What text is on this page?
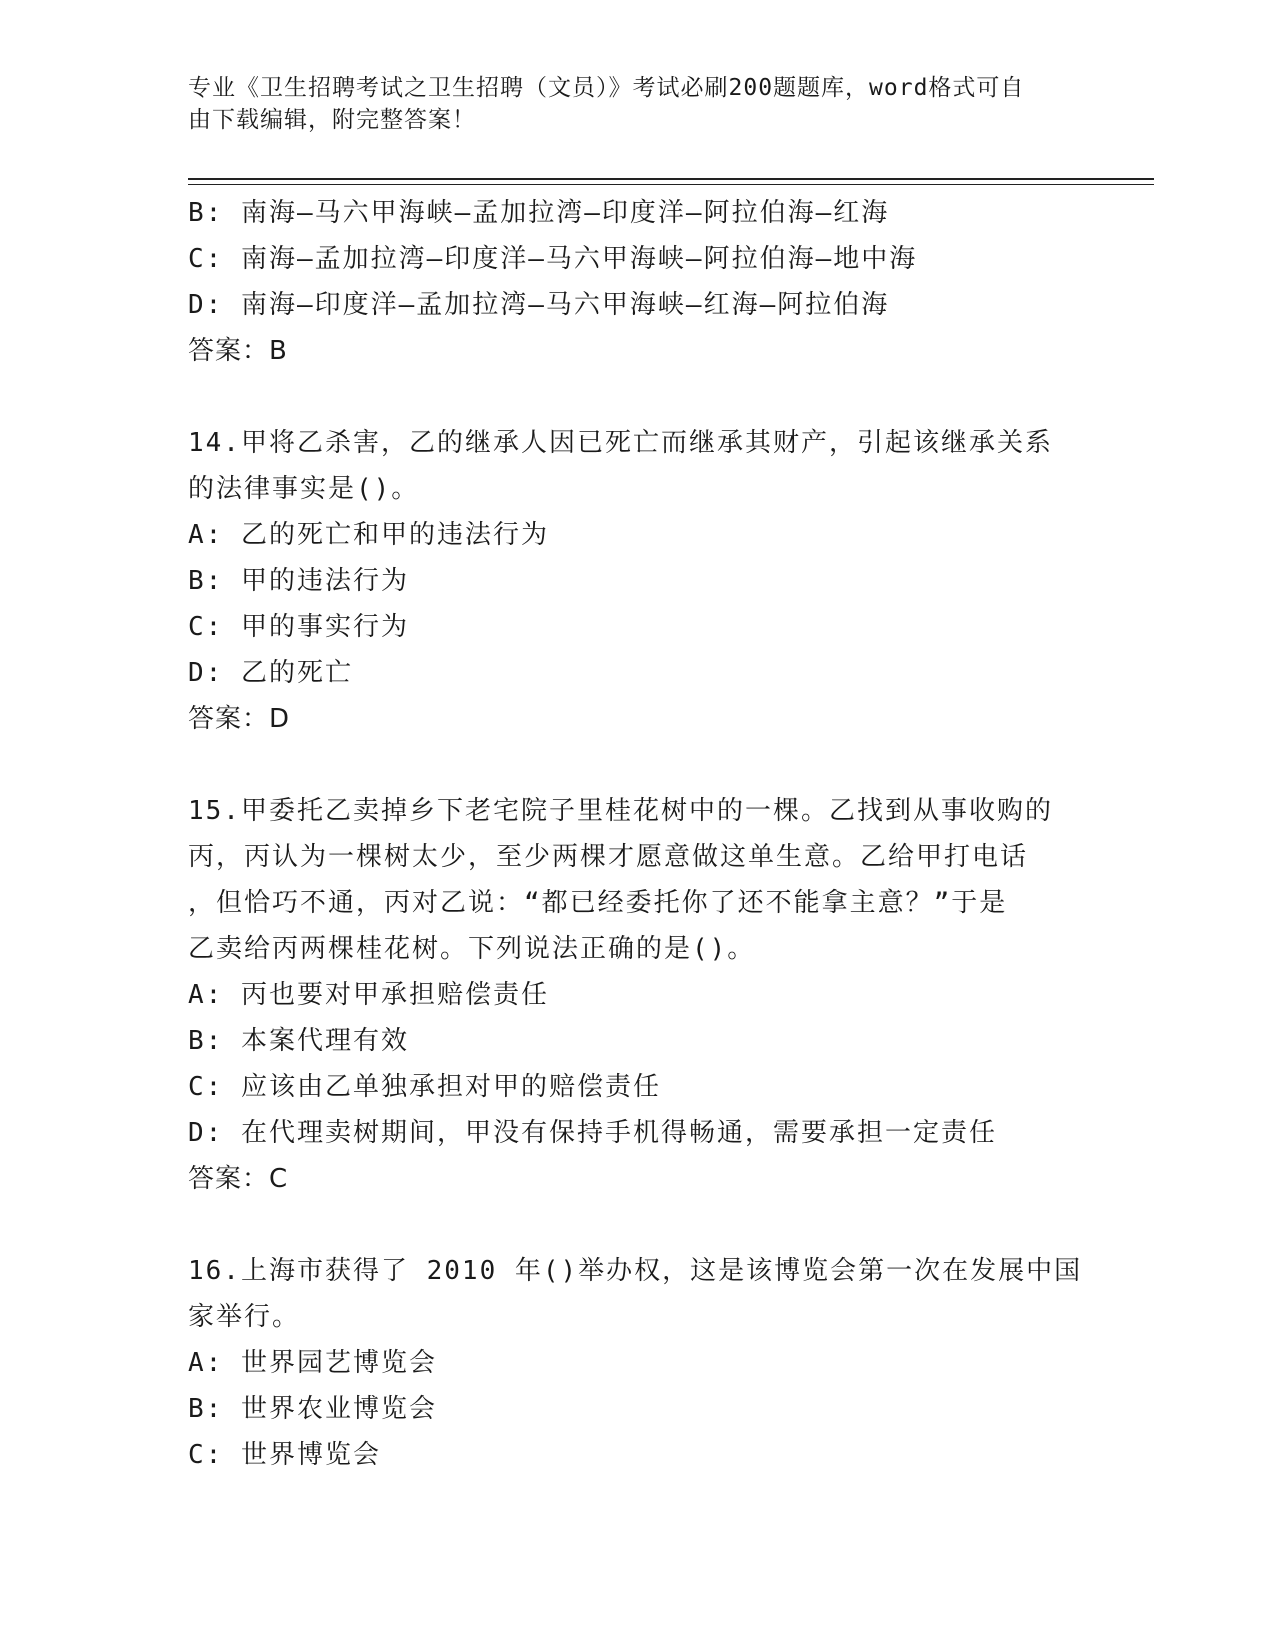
专业《卫生招聘考试之卫生招聘（文员）》考试必刷200题题库，word格式可自
由下载编辑，附完整答案！
B: 南海—马六甲海峡—孟加拉湾—印度洋—阿拉伯海—红海
C: 南海—孟加拉湾—印度洋—马六甲海峡—阿拉伯海—地中海
D: 南海—印度洋—孟加拉湾—马六甲海峡—红海—阿拉伯海
答案：B
14.甲将乙杀害，乙的继承人因已死亡而继承其财产，引起该继承关系
的法律事实是()。
A: 乙的死亡和甲的违法行为
B: 甲的违法行为
C: 甲的事实行为
D: 乙的死亡
答案：D
15.甲委托乙卖掉乡下老宅院子里桂花树中的一棵。乙找到从事收购的
丙，丙认为一棵树太少，至少两棵才愿意做这单生意。乙给甲打电话
，但恰巧不通，丙对乙说：“都已经委托你了还不能拿主意？”于是
乙卖给丙两棵桂花树。下列说法正确的是()。
A: 丙也要对甲承担赔偿责任
B: 本案代理有效
C: 应该由乙单独承担对甲的赔偿责任
D: 在代理卖树期间，甲没有保持手机得畅通，需要承担一定责任
答案：C
16.上海市获得了 2010 年()举办权，这是该博览会第一次在发展中国
家举行。
A: 世界园艺博览会
B: 世界农业博览会
C: 世界博览会
